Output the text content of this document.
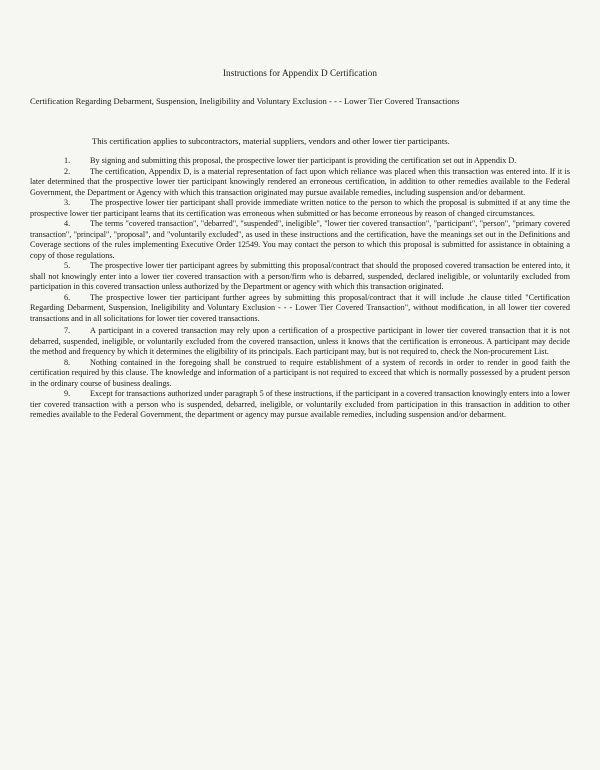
Instructions for Appendix D Certification
Certification Regarding Debarment, Suspension, Ineligibility and Voluntary Exclusion - - - Lower Tier Covered Transactions
This certification applies to subcontractors, material suppliers, vendors and other lower tier participants.

1. By signing and submitting this proposal, the prospective lower tier participant is providing the certification set out in Appendix D.

2. The certification, Appendix D, is a material representation of fact upon which reliance was placed when this transaction was entered into. If it is later determined that the prospective lower tier participant knowingly rendered an erroneous certification, in addition to other remedies available to the Federal Government, the Department or Agency with which this transaction originated may pursue available remedies, including suspension and/or debarment.

3. The prospective lower tier participant shall provide immediate written notice to the person to which the proposal is submitted if at any time the prospective lower tier participant learns that its certification was erroneous when submitted or has become erroneous by reason of changed circumstances.

4. The terms "covered transaction", "debarred", "suspended", ineligible", "lower tier covered transaction", "participant", "person", "primary covered transaction", "principal", "proposal", and "voluntarily excluded", as used in these instructions and the certification, have the meanings set out in the Definitions and Coverage sections of the rules implementing Executive Order 12549. You may contact the person to which this proposal is submitted for assistance in obtaining a copy of those regulations.

5. The prospective lower tier participant agrees by submitting this proposal/contract that should the proposed covered transaction be entered into, it shall not knowingly enter into a lower tier covered transaction with a person/firm who is debarred, suspended, declared ineligible, or voluntarily excluded from participation in this covered transaction unless authorized by the Department or agency with which this transaction originated.

6. The prospective lower tier participant further agrees by submitting this proposal/contract that it will include .he clause titled "Certification Regarding Debarment, Suspension, Ineligibility and Voluntary Exclusion - - - Lower Tier Covered Transaction", without modification, in all lower tier covered transactions and in all solicitations for lower tier covered transactions.

7. A participant in a covered transaction may rely upon a certification of a prospective participant in lower tier covered transaction that it is not debarred, suspended, ineligible, or voluntarily excluded from the covered transaction, unless it knows that the certification is erroneous. A participant may decide the method and frequency by which it determines the eligibility of its principals. Each participant may, but is not required to, check the Non-procurement List.

8. Nothing contained in the foregoing shall be construed to require establishment of a system of records in order to render in good faith the certification required by this clause. The knowledge and information of a participant is not required to exceed that which is normally possessed by a prudent person in the ordinary course of business dealings.

9. Except for transactions authorized under paragraph 5 of these instructions, if the participant in a covered transaction knowingly enters into a lower tier covered transaction with a person who is suspended, debarred, ineligible, or voluntarily excluded from participation in this transaction in addition to other remedies available to the Federal Government, the department or agency may pursue available remedies, including suspension and/or debarment.
